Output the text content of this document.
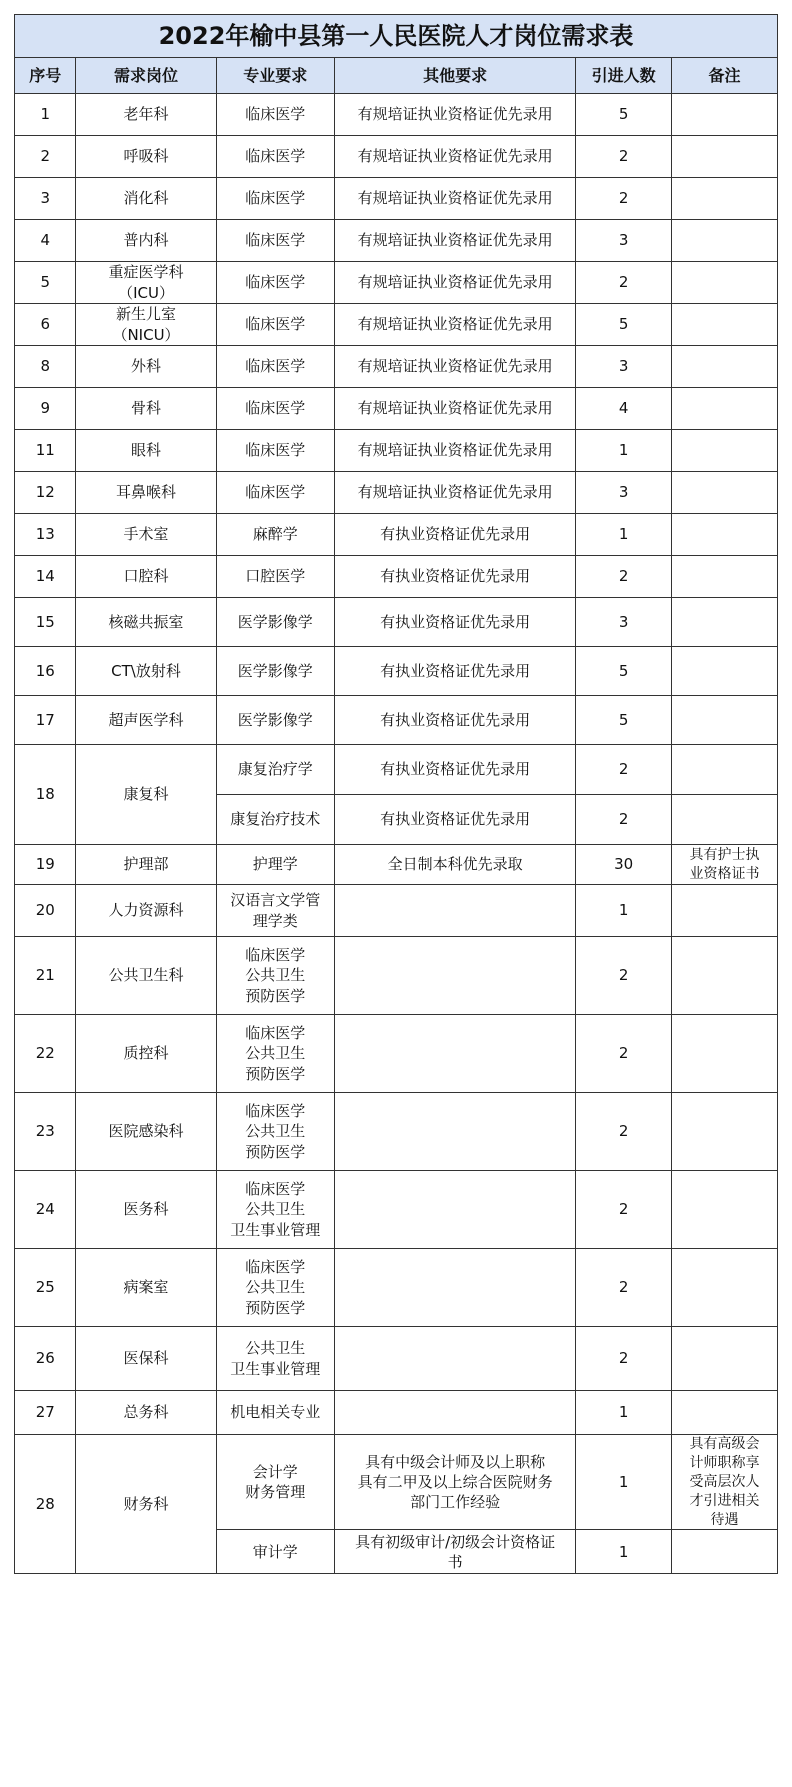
2022年榆中县第一人民医院人才岗位需求表					
序号	需求岗位	专业要求	其他要求	引进人数	备注
1	老年科	临床医学	有规培证执业资格证优先录用	5	
2	呼吸科	临床医学	有规培证执业资格证优先录用	2	
3	消化科	临床医学	有规培证执业资格证优先录用	2	
4	普内科	临床医学	有规培证执业资格证优先录用	3	
5	重症医学科
（ICU）	临床医学	有规培证执业资格证优先录用	2	
6	新生儿室
（NICU）	临床医学	有规培证执业资格证优先录用	5	
8	外科	临床医学	有规培证执业资格证优先录用	3	
9	骨科	临床医学	有规培证执业资格证优先录用	4	
11	眼科	临床医学	有规培证执业资格证优先录用	1	
12	耳鼻喉科	临床医学	有规培证执业资格证优先录用	3	
13	手术室	麻醉学	有执业资格证优先录用	1	
14	口腔科	口腔医学	有执业资格证优先录用	2	
15	核磁共振室	医学影像学	有执业资格证优先录用	3	
16	CT\放射科	医学影像学	有执业资格证优先录用	5	
17	超声医学科	医学影像学	有执业资格证优先录用	5	
18	康复科	康复治疗学	有执业资格证优先录用	2	
		康复治疗技术	有执业资格证优先录用	2	
19	护理部	护理学	全日制本科优先录取	30	具有护士执
业资格证书
20	人力资源科	汉语言文学管
理学类		1	
21	公共卫生科	临床医学
公共卫生
预防医学		2	
22	质控科	临床医学
公共卫生
预防医学		2	
23	医院感染科	临床医学
公共卫生
预防医学		2	
24	医务科	临床医学
公共卫生
卫生事业管理		2	
25	病案室	临床医学
公共卫生
预防医学		2	
26	医保科	公共卫生
卫生事业管理		2	
27	总务科	机电相关专业		1	
28	财务科	会计学
财务管理	具有中级会计师及以上职称
具有二甲及以上综合医院财务
部门工作经验	1	具有高级会
计师职称享
受高层次人
才引进相关
待遇
		审计学	具有初级审计/初级会计资格证
书	1	
